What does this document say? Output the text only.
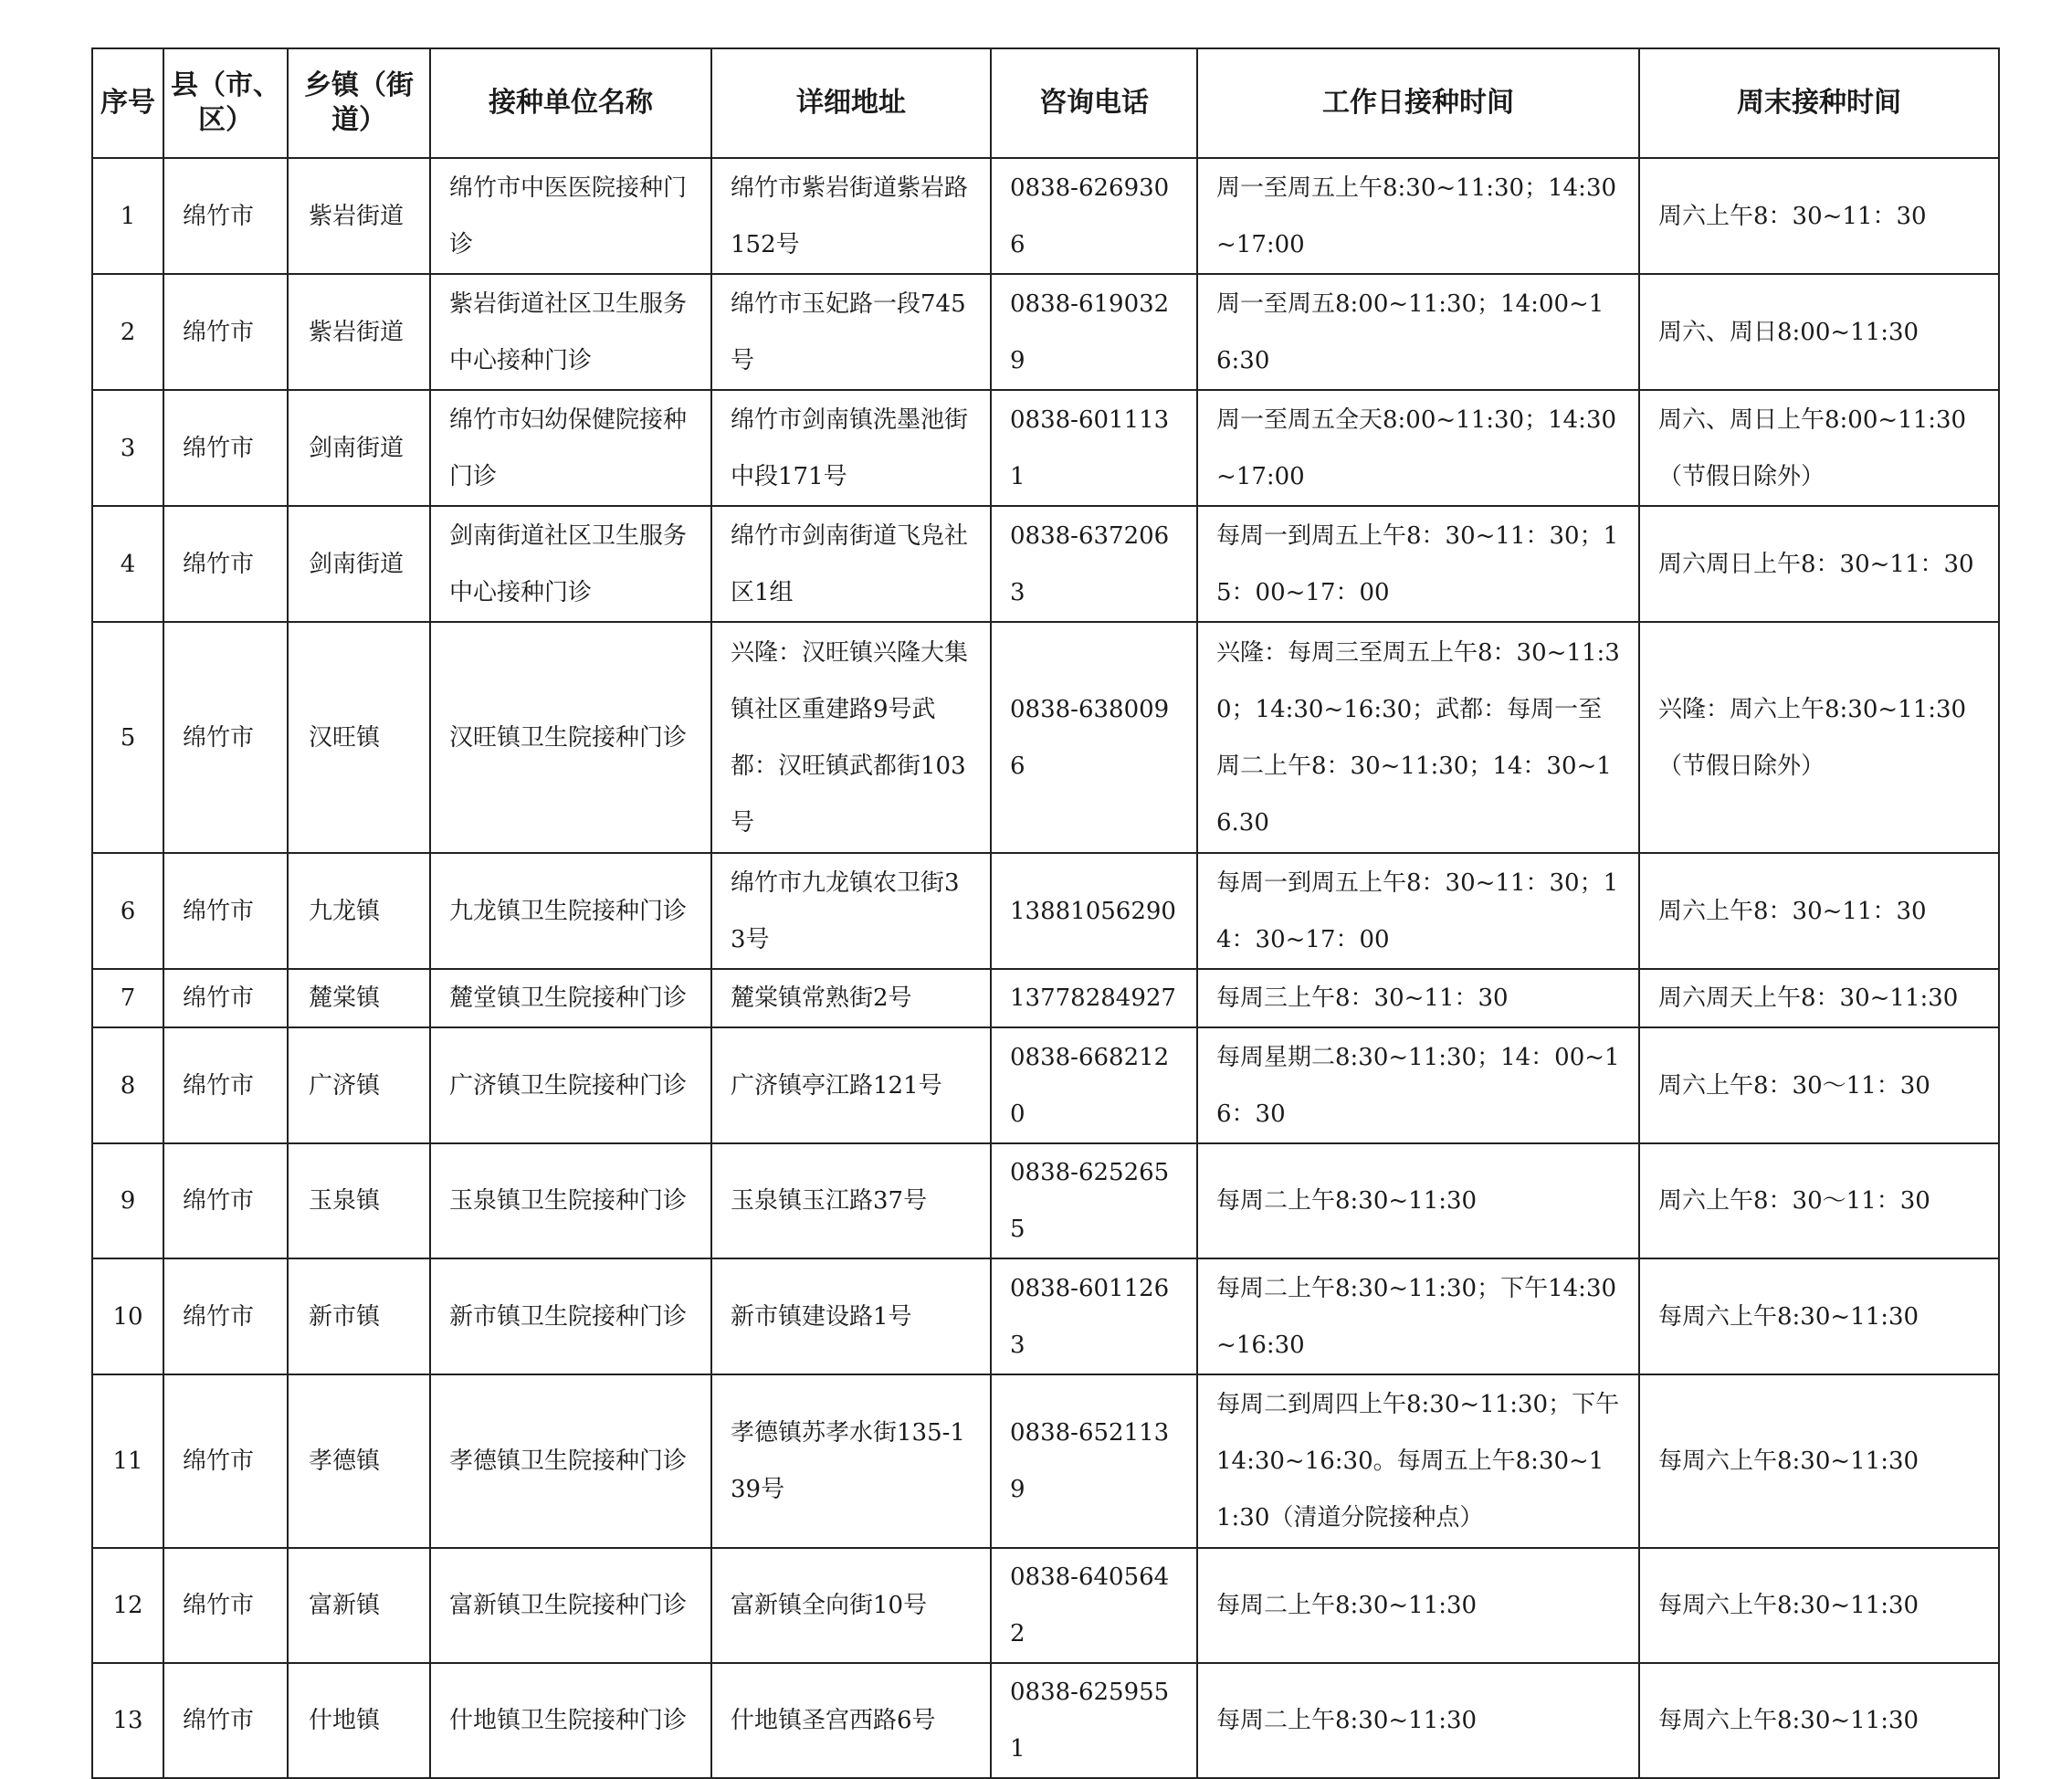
序号	县（市、区）	乡镇（街道）	接种单位名称	详细地址	咨询电话	工作日接种时间	周末接种时间
1	绵竹市	紫岩街道	绵竹市中医医院接种门诊	绵竹市紫岩街道紫岩路152号	0838-6269306	周一至周五上午8:30~11:30；14:30~17:00	周六上午8：30~11：30
2	绵竹市	紫岩街道	紫岩街道社区卫生服务中心接种门诊	绵竹市玉妃路一段745号	0838-6190329	周一至周五8:00~11:30；14:00~16:30	周六、周日8:00~11:30
3	绵竹市	剑南街道	绵竹市妇幼保健院接种门诊	绵竹市剑南镇洗墨池街中段171号	0838-6011131	周一至周五全天8:00~11:30；14:30~17:00	周六、周日上午8:00~11:30（节假日除外）
4	绵竹市	剑南街道	剑南街道社区卫生服务中心接种门诊	绵竹市剑南街道飞凫社区1组	0838-6372063	每周一到周五上午8：30~11：30；15：00~17：00	周六周日上午8：30~11：30
5	绵竹市	汉旺镇	汉旺镇卫生院接种门诊	兴隆：汉旺镇兴隆大集镇社区重建路9号武都：汉旺镇武都街103号	0838-6380096	兴隆：每周三至周五上午8：30~11:30；14:30~16:30；武都：每周一至周二上午8：30~11:30；14：30~16.30	兴隆：周六上午8:30~11:30（节假日除外）
6	绵竹市	九龙镇	九龙镇卫生院接种门诊	绵竹市九龙镇农卫街33号	13881056290	每周一到周五上午8：30~11：30；14：30~17：00	周六上午8：30~11：30
7	绵竹市	麓棠镇	麓堂镇卫生院接种门诊	麓棠镇常熟街2号	13778284927	每周三上午8：30~11：30	周六周天上午8：30~11:30
8	绵竹市	广济镇	广济镇卫生院接种门诊	广济镇亭江路121号	0838-6682120	每周星期二8:30~11:30；14：00~16：30	周六上午8：30～11：30
9	绵竹市	玉泉镇	玉泉镇卫生院接种门诊	玉泉镇玉江路37号	0838-6252655	每周二上午8:30~11:30	周六上午8：30～11：30
10	绵竹市	新市镇	新市镇卫生院接种门诊	新市镇建设路1号	0838-6011263	每周二上午8:30~11:30；下午14:30~16:30	每周六上午8:30~11:30
11	绵竹市	孝德镇	孝德镇卫生院接种门诊	孝德镇苏孝水街135-139号	0838-6521139	每周二到周四上午8:30~11:30；下午14:30~16:30。每周五上午8:30~11:30（清道分院接种点）	每周六上午8:30~11:30
12	绵竹市	富新镇	富新镇卫生院接种门诊	富新镇全向街10号	0838-6405642	每周二上午8:30~11:30	每周六上午8:30~11:30
13	绵竹市	什地镇	什地镇卫生院接种门诊	什地镇圣宫西路6号	0838-6259551	每周二上午8:30~11:30	每周六上午8:30~11:30
